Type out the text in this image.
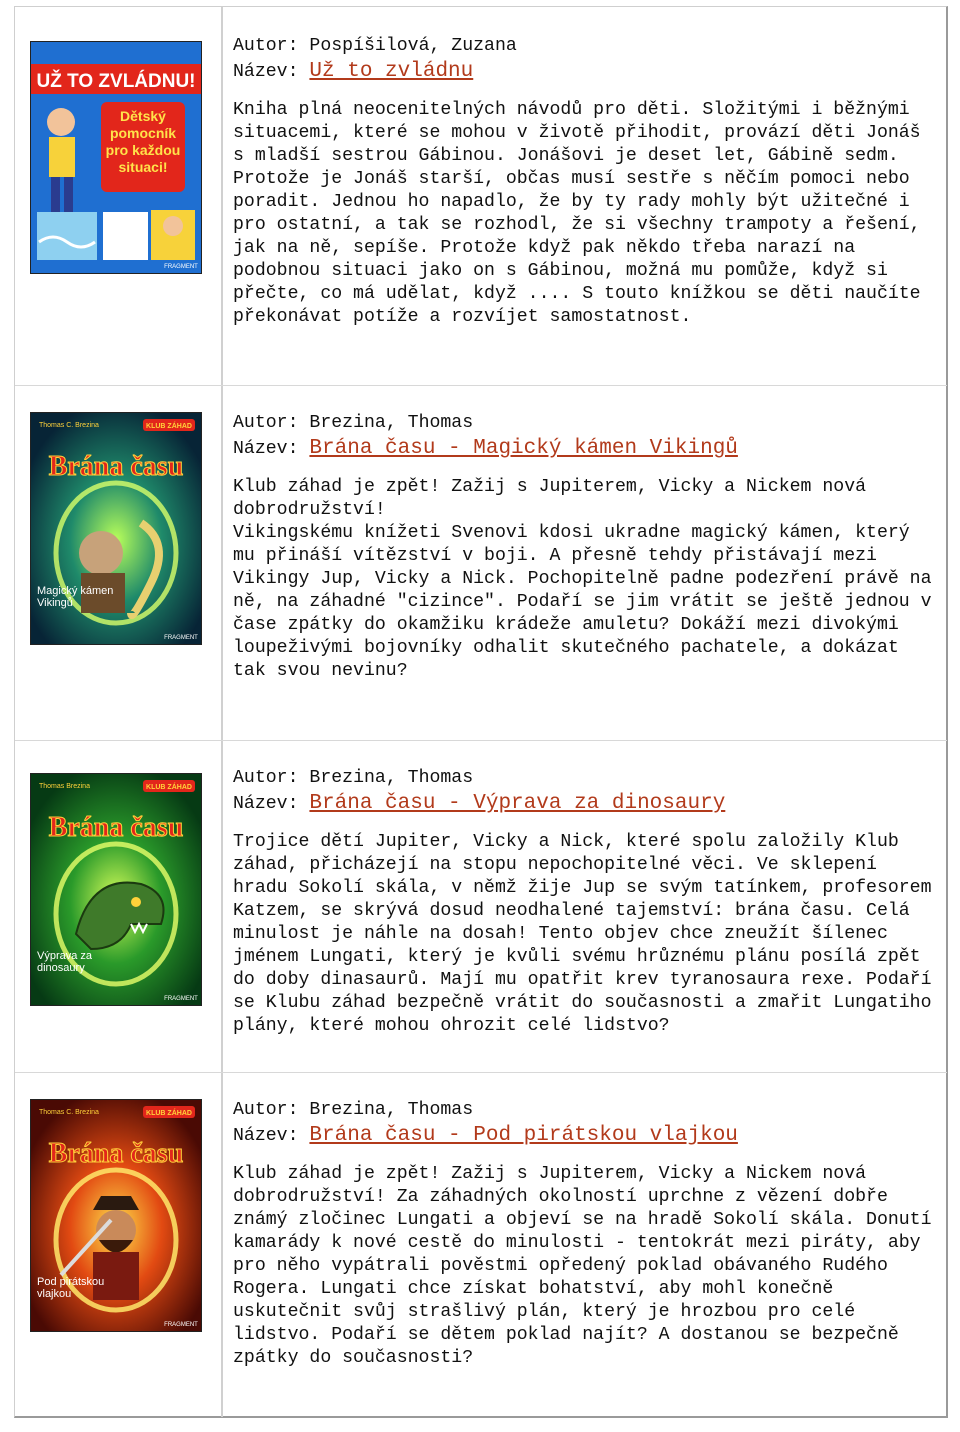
UŽ TO ZVLÁDNU!
Dětský pomocník pro každou situaci!
FRAGMENT
Autor: Pospíšilová, Zuzana
Název: Už to zvládnu

Kniha plná neocenitelných návodů pro děti. Složitými i běžnými situacemi, které se mohou v životě přihodit, provází děti Jonáš s mladší sestrou Gábinou. Jonášovi je deset let, Gábině sedm. Protože je Jonáš starší, občas musí sestře s něčím pomoci nebo poradit. Jednou ho napadlo, že by ty rady mohly být užitečné i pro ostatní, a tak se rozhodl, že si všechny trampoty a řešení, jak na ně, sepíše. Protože když pak někdo třeba narazí na podobnou situaci jako on s Gábinou, možná mu pomůže, když si přečte, co má udělat, když .... S touto knížkou se děti naučíte překonávat potíže a rozvíjet samostatnost.

Thomas C. Brezina	KLUB ZÁHAD
Brána času
Magický kámen Vikingů
FRAGMENT
Autor: Brezina, Thomas
Název: Brána času - Magický kámen Vikingů

Klub záhad je zpět! Zažij s Jupiterem, Vicky a Nickem nová dobrodružství!

Vikingskému knížeti Svenovi kdosi ukradne magický kámen, který mu přináší vítězství v boji. A přesně tehdy přistávají mezi Vikingy Jup, Vicky a Nick. Pochopitelně padne podezření právě na ně, na záhadné "cizince". Podaří se jim vrátit se ještě jednou v čase zpátky do okamžiku krádeže amuletu? Dokáží mezi divokými loupeživými bojovníky odhalit skutečného pachatele, a dokázat tak svou nevinu?

Thomas Brezina	KLUB ZÁHAD
Brána času
Výprava za dinosaury
FRAGMENT
Autor: Brezina, Thomas
Název: Brána času - Výprava za dinosaury

Trojice dětí Jupiter, Vicky a Nick, které spolu založily Klub záhad, přicházejí na stopu nepochopitelné věci. Ve sklepení hradu Sokolí skála, v němž žije Jup se svým tatínkem, profesorem Katzem, se skrývá dosud neodhalené tajemství: brána času. Celá minulost je náhle na dosah! Tento objev chce zneužít šílenec jménem Lungati, který je kvůli svému hrůznému plánu posílá zpět do doby dinasaurů. Mají mu opatřit krev tyranosaura rexe. Podaří se Klubu záhad bezpečně vrátit do současnosti a zmařit Lungatiho plány, které mohou ohrozit celé lidstvo?

Thomas C. Brezina	KLUB ZÁHAD
Brána času
Pod pirátskou vlajkou
FRAGMENT
Autor: Brezina, Thomas
Název: Brána času - Pod pirátskou vlajkou

Klub záhad je zpět! Zažij s Jupiterem, Vicky a Nickem nová dobrodružství! Za záhadných okolností uprchne z vězení dobře známý zločinec Lungati a objeví se na hradě Sokolí skála. Donutí kamarády k nové cestě do minulosti - tentokrát mezi piráty, aby pro něho vypátrali pověstmi opředený poklad obávaného Rudého Rogera. Lungati chce získat bohatství, aby mohl konečně uskutečnit svůj strašlivý plán, který je hrozbou pro celé lidstvo. Podaří se dětem poklad najít? A dostanou se bezpečně zpátky do současnosti?
